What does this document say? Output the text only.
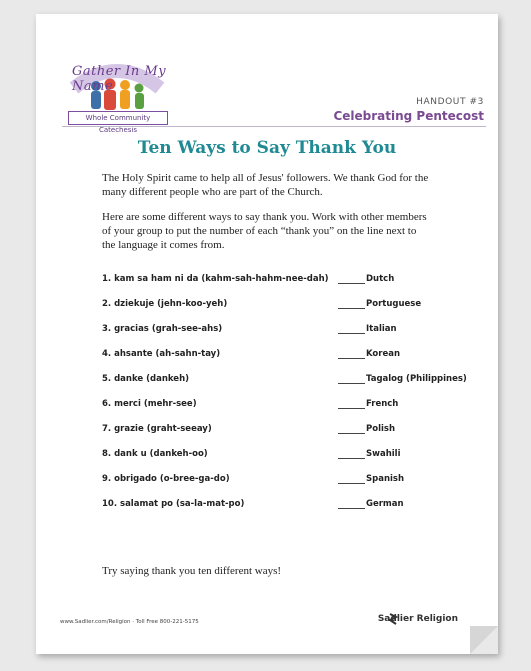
Gather In My Name
Whole Community Catechesis
HANDOUT #3
Celebrating Pentecost
Ten Ways to Say Thank You
The Holy Spirit came to help all of Jesus' followers. We thank God for the many different people who are part of the Church.
Here are some different ways to say thank you. Work with other members of your group to put the number of each “thank you” on the line next to the language it comes from.
1. kam sa ham ni da (kahm-sah-hahm-nee-dah)	Dutch
2. dziekuje (jehn-koo-yeh)	Portuguese
3. gracias (grah-see-ahs)	Italian
4. ahsante (ah-sahn-tay)	Korean
5. danke (dankeh)	Tagalog (Philippines)
6. merci (mehr-see)	French
7. grazie (graht-seeay)	Polish
8. dank u (dankeh-oo)	Swahili
9. obrigado (o-bree-ga-do)	Spanish
10. salamat po (sa-la-mat-po)	German
Try saying thank you ten different ways!
www.Sadlier.com/Religion · Toll Free 800-221-5175	Sadlier Religion
